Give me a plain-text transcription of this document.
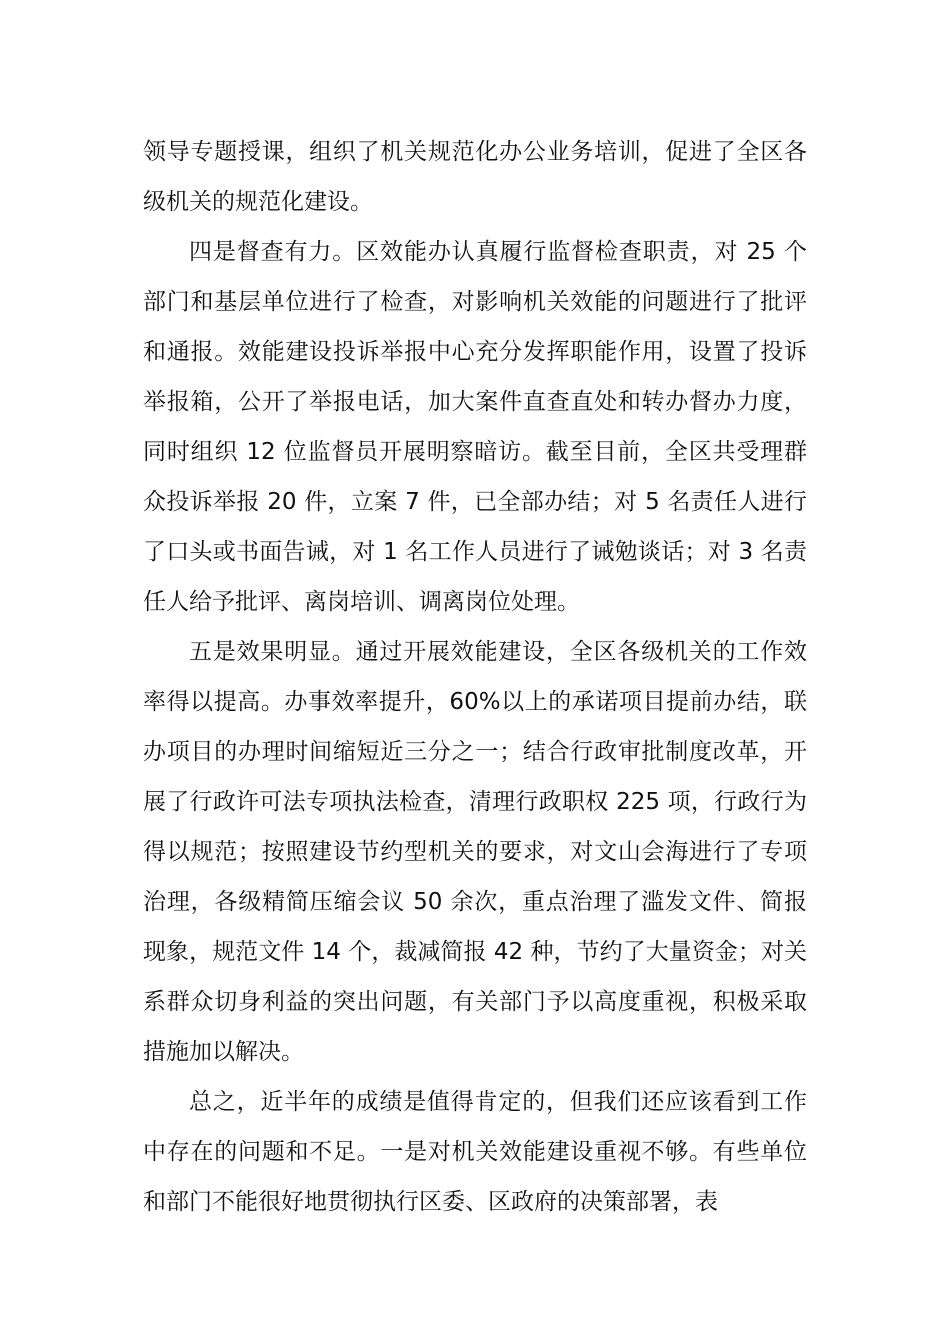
领导专题授课，组织了机关规范化办公业务培训，促进了全区各级机关的规范化建设。

四是督查有力。区效能办认真履行监督检查职责，对 25 个部门和基层单位进行了检查，对影响机关效能的问题进行了批评和通报。效能建设投诉举报中心充分发挥职能作用，设置了投诉举报箱，公开了举报电话，加大案件直查直处和转办督办力度，同时组织 12 位监督员开展明察暗访。截至目前，全区共受理群众投诉举报 20 件，立案 7 件，已全部办结；对 5 名责任人进行了口头或书面告诫，对 1 名工作人员进行了诫勉谈话；对 3 名责任人给予批评、离岗培训、调离岗位处理。

五是效果明显。通过开展效能建设，全区各级机关的工作效率得以提高。办事效率提升，60%以上的承诺项目提前办结，联办项目的办理时间缩短近三分之一；结合行政审批制度改革，开展了行政许可法专项执法检查，清理行政职权 225 项，行政行为得以规范；按照建设节约型机关的要求，对文山会海进行了专项治理，各级精简压缩会议 50 余次，重点治理了滥发文件、简报现象，规范文件 14 个，裁减简报 42 种，节约了大量资金；对关系群众切身利益的突出问题，有关部门予以高度重视，积极采取措施加以解决。

总之，近半年的成绩是值得肯定的，但我们还应该看到工作中存在的问题和不足。一是对机关效能建设重视不够。有些单位和部门不能很好地贯彻执行区委、区政府的决策部署，表
